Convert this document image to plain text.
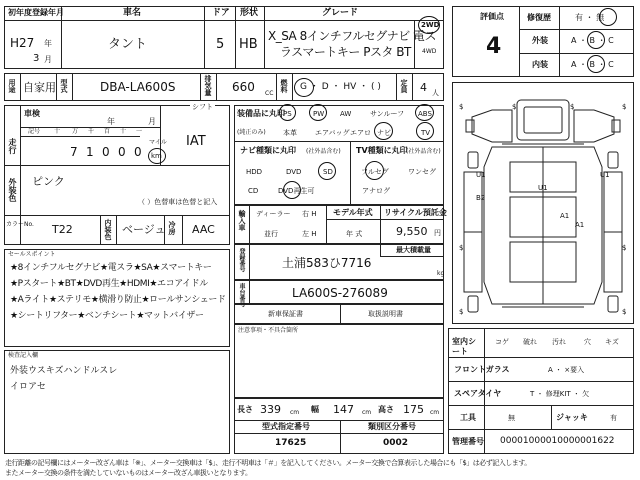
初年度登録年月	車名	ドア 形状	グレード
H27 年
3 月
タント	5 HB
X_SA 8インチフルセグナビ 電ス
ラスマートキー Pスタ BT
2WD
4WD
用途 自家用 型式	DBA-LA600S	排気量 660 CC
燃料 G ・ D ・ HV ・ ( )	定員 4 人
評価点
4
修復歴	有 ・ 無
外装	A ・ B ・ C
内装	A ・ B ・ C
$	$	$	$
U1
U1
U1
B2
A1
A1
$	$
$	$
車検
年	月
シフト
IAT
走行
記号 十 万 千 百 十 一
7 1 0 0 0
マイル
km
外装色 ピンク
（ ）色替車は色替と記入
カラーNo. T22	内装色 ベージュ 冷房 AAC
装備品に丸印
(純正のみ)
PS	PW AW	サンルーフ ABS
本革	エアバッグ エアロ ナビ	TV
ナビ種類に丸印 (社外品含む)
HDD	DVD	SD
CD	DVD再生可
TV種類に丸印
(社外品含む)
フルセグ	ワンセグ
アナログ
輸入車 ディーラー
並行
右 H
左 H
モデル年式
年 式
リサイクル預託金
9,550 円
登録番号	土浦583ひ7716
最大積載量
kg
車台番号	LA600S-276089
新車保証書	取扱説明書
注意事項・不具合箇所
セールスポイント
★8インチフルセグナビ★電スラ★SA★スマートキー
★Pスタート★BT★DVD再生★HDMI★エコアイドル
★Aライト★ステリモ★横滑り防止★ロールサンシェード
★シートリフター★ベンチシート★マットバイザー
検査記入欄
外装ウスキズハンドルスレ
イロアセ
長さ 339 cm 幅 147 cm 高さ 175 cm
型式指定番号	類別区分番号
17625	0002
室内シート
コゲ 破れ 汚れ	穴 キズ
フロントガラス	A ・ ×要入
スペアタイヤ	T ・ 修理KIT ・ 欠
工具	無	ジャッキ	有
管理番号 00001000010000001622
走行距離の記号欄にはメーター改ざん車は「※」、メーター交換車は「$」、走行不明車は「＃」を記入してください。メーター交換で合算表示した場合にも「$」は必ず記入します。
またメーター交換の条件を満たしていないものはメーター改ざん車扱いとなります。
